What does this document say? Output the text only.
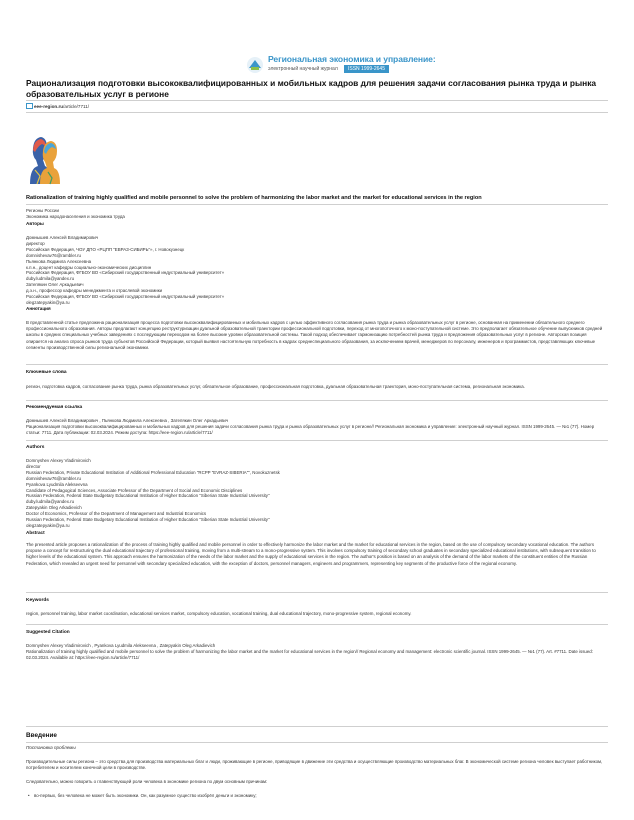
Региональная экономика и управление:
электронный научный журнал	ISSN 1999-2645
Рационализация подготовки высококвалифицированных и мобильных кадров для решения задачи согласования рынка труда и рынка образовательных услуг в регионе
eee-region.ru/article/7711/
Rationalization of training highly qualified and mobile personnel to solve the problem of harmonizing the labor market and the market for educational services in the region

Регионы России

Экономика народонаселения и экономика труда

Авторы

Домнышев Алексей Владимирович

директор

Российская Федерация, ЧОУ ДПО «РЦПП "ЕВРАЗ-СИБИРЬ"», г. Новокузнецк

domnishevav76@rambler.ru

Пьянкова Людмила Алексеевна

к.п.н., доцент кафедры социально-экономических дисциплин

Российская Федерация, ФГБОУ ВО «Сибирский государственный индустриальный университет»

duby.ludmila@yandex.ru

Затепякин Олег Аркадьевич

д.э.н., профессор кафедры менеджмента и отраслевой экономики

Российская Федерация, ФГБОУ ВО «Сибирский государственный индустриальный университет»

olegzatepyakin@ya.ru

Аннотация

В представленной статье предложена рационализация процесса подготовки высококвалифицированных и мобильных кадров с целью эффективного согласования рынка труда и рынка образовательных услуг в регионе, основанная на применении обязательного среднего профессионального образования. Авторы предлагают концепцию реструктуризации дуальной образовательной траектории профессиональной подготовки, переход от многопоточного к моно-поступательной системе. Это предполагает обязательное обучение выпускников средней школы в средних специальных учебных заведениях с последующим переходом на более высокие уровни образовательной системы. Такой подход обеспечивает гармонизацию потребностей рынка труда и предложения образовательных услуг в регионе. Авторская позиция опирается на анализ спроса рынков труда субъектов Российской Федерации, который выявил настоятельную потребность в кадрах среднеспециального образования, за исключением врачей, менеджеров по персоналу, инженеров и программистов, представляющих ключевые сегменты производственной силы региональной экономики.

Ключевые слова

регион, подготовка кадров, согласование рынка труда, рынка образовательных услуг, обязательное образование, профессиональная подготовка, дуальная образовательная траектория, моно-поступательная система, региональная экономика.

Рекомендуемая ссылка

Домнышев Алексей Владимирович , Пьянкова Людмила Алексеевна , Затепякин Олег Аркадьевич

Рационализация подготовки высококвалифицированных и мобильных кадров для решения задачи согласования рынка труда и рынка образовательных услуг в регионе// Региональная экономика и управление: электронный научный журнал. ISSN 1999-2645. — №1 (77). Номер статьи: 7711. Дата публикации: 02.03.2024. Режим доступа: https://eee-region.ru/article/7711/

Authors

Domnyshev Alexey Vladimirovich

director

Russian Federation, Private Educational Institution of Additional Professional Education "RCPP "EVRAZ-SIBERIA"", Novokuznetsk

domnishevav76@rambler.ru

Pyankova Lyudmila Alekseevna

Candidate of Pedagogical Sciences, Associate Professor of the Department of Social and Economic Disciplines

Russian Federation, Federal State Budgetary Educational Institution of Higher Education "Siberian State Industrial University"

duby.ludmila@yandex.ru

Zatepyakin Oleg Arkadievich

Doctor of Economics, Professor of the Department of Management and Industrial Economics

Russian Federation, Federal State Budgetary Educational Institution of Higher Education "Siberian State Industrial University"

olegzatepyakin@ya.ru

Abstract

The presented article proposes a rationalization of the process of training highly qualified and mobile personnel in order to effectively harmonize the labor market and the market for educational services in the region, based on the use of compulsory secondary vocational education. The authors propose a concept for restructuring the dual educational trajectory of professional training, moving from a multi-stream to a mono-progressive system. This involves compulsory training of secondary school graduates in secondary specialized educational institutions, with subsequent transition to higher levels of the educational system. This approach ensures the harmonization of the needs of the labor market and the supply of educational services in the region. The author's position is based on an analysis of the demand of the labor markets of the constituent entities of the Russian Federation, which revealed an urgent need for personnel with secondary specialized education, with the exception of doctors, personnel managers, engineers and programmers, representing key segments of the productive force of the regional economy.

Keywords

region, personnel training, labor market coordination, educational services market, compulsory education, vocational training, dual educational trajectory, mono-progressive system, regional economy.

Suggested Citation

Domnyshev Alexey Vladimirovich , Pyankova Lyudmila Alekseevna , Zatepyakin Oleg Arkadievich

Rationalization of training highly qualified and mobile personnel to solve the problem of harmonizing the labor market and the market for educational services in the region// Regional economy and management: electronic scientific journal. ISSN 1999-2645. — №1 (77). Art. #7711. Date issued: 02.03.2024. Available at: https://eee-region.ru/article/7711/

Введение
Постановка проблемы

Производительные силы региона – это средства для производства материальных благ и люди, проживающие в регионе, приводящие в движение эти средства и осуществляющие производство материальных благ. В экономической системе региона человек выступает работником, потребителем и носителем конечной цели в производстве.

Следовательно, можно говорить о главенствующей роли человека в экономике региона по двум основным причинам:

• во-первых, без человека не может быть экономики. Он, как разумное существо изобрёл деньги и экономику;
